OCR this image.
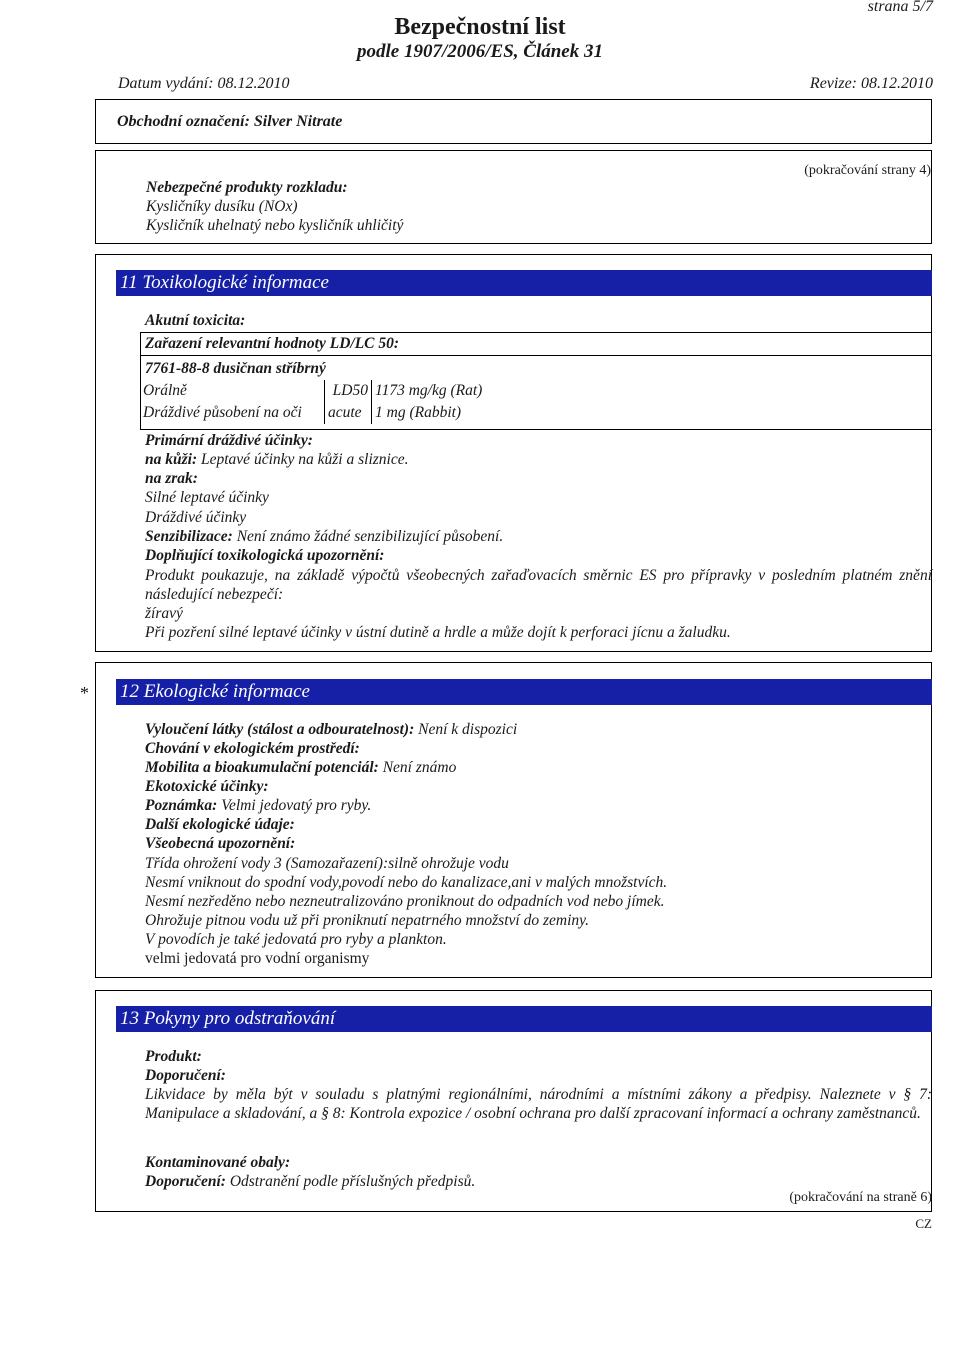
strana 5/7
Bezpečnostní list
podle 1907/2006/ES, Článek 31
Datum vydání: 08.12.2010	Revize: 08.12.2010
Obchodní označení: Silver Nitrate
(pokračování strany 4)
Nebezpečné produkty rozkladu:
Kysličníky dusíku (NOx)
Kysličník uhelnatý nebo kysličník uhličitý
11 Toxikologické informace
Akutní toxicita:
Zařazení relevantní hodnoty LD/LC 50:
7761-88-8 dusičnan stříbrný
Orálně	LD50	1173 mg/kg (Rat)
Dráždivé působení na oči	acute	1 mg (Rabbit)
Primární dráždivé účinky:
na kůži: Leptavé účinky na kůži a sliznice.
na zrak:
Silné leptavé účinky
Dráždivé účinky
Senzibilizace: Není známo žádné senzibilizující působení.
Doplňující toxikologická upozornění:
Produkt poukazuje, na základě výpočtů všeobecných zařaďovacích směrnic ES pro přípravky v posledním platném znění následující nebezpečí:
žíravý
Při pozření silné leptavé účinky v ústní dutině a hrdle a může dojít k perforaci jícnu a žaludku.
* 12 Ekologické informace
Vyloučení látky (stálost a odbouratelnost): Není k dispozici
Chování v ekologickém prostředí:
Mobilita a bioakumulační potenciál: Není známo
Ekotoxické účinky:
Poznámka: Velmi jedovatý pro ryby.
Další ekologické údaje:
Všeobecná upozornění:
Třída ohrožení vody 3 (Samozařazení):silně ohrožuje vodu
Nesmí vniknout do spodní vody,povodí nebo do kanalizace,ani v malých množstvích.
Nesmí nezředěno nebo nezneutralizováno proniknout do odpadních vod nebo jímek.
Ohrožuje pitnou vodu už při proniknutí nepatrného množství do zeminy.
V povodích je také jedovatá pro ryby a plankton.
velmi jedovatá pro vodní organismy
13 Pokyny pro odstraňování
Produkt:
Doporučení:
Likvidace by měla být v souladu s platnými regionálními, národními a místními zákony a předpisy. Naleznete v § 7: Manipulace a skladování, a § 8: Kontrola expozice / osobní ochrana pro další zpracovaní informací a ochrany zaměstnanců.
Kontaminované obaly:
Doporučení: Odstranění podle příslušných předpisů.
(pokračování na straně 6)
CZ
